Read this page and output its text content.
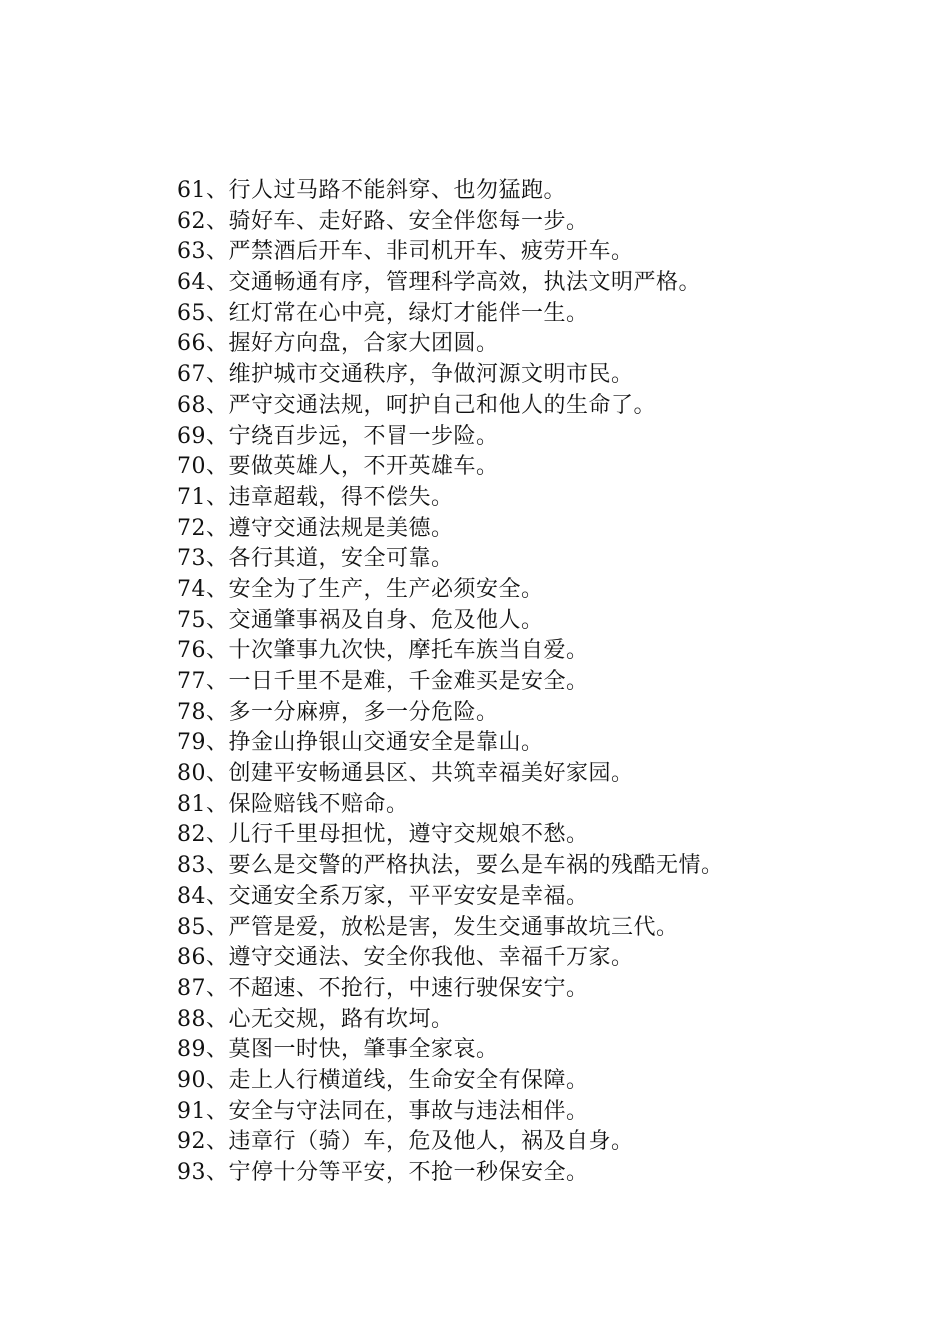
61、行人过马路不能斜穿、也勿猛跑。
62、骑好车、走好路、安全伴您每一步。
63、严禁酒后开车、非司机开车、疲劳开车。
64、交通畅通有序，管理科学高效，执法文明严格。
65、红灯常在心中亮，绿灯才能伴一生。
66、握好方向盘，合家大团圆。
67、维护城市交通秩序，争做河源文明市民。
68、严守交通法规，呵护自己和他人的生命了。
69、宁绕百步远，不冒一步险。
70、要做英雄人，不开英雄车。
71、违章超载，得不偿失。
72、遵守交通法规是美德。
73、各行其道，安全可靠。
74、安全为了生产，生产必须安全。
75、交通肇事祸及自身、危及他人。
76、十次肇事九次快，摩托车族当自爱。
77、一日千里不是难，千金难买是安全。
78、多一分麻痹，多一分危险。
79、挣金山挣银山交通安全是靠山。
80、创建平安畅通县区、共筑幸福美好家园。
81、保险赔钱不赔命。
82、儿行千里母担忧，遵守交规娘不愁。
83、要么是交警的严格执法，要么是车祸的残酷无情。
84、交通安全系万家，平平安安是幸福。
85、严管是爱，放松是害，发生交通事故坑三代。
86、遵守交通法、安全你我他、幸福千万家。
87、不超速、不抢行，中速行驶保安宁。
88、心无交规，路有坎坷。
89、莫图一时快，肇事全家哀。
90、走上人行横道线，生命安全有保障。
91、安全与守法同在，事故与违法相伴。
92、违章行（骑）车，危及他人，祸及自身。
93、宁停十分等平安，不抢一秒保安全。
